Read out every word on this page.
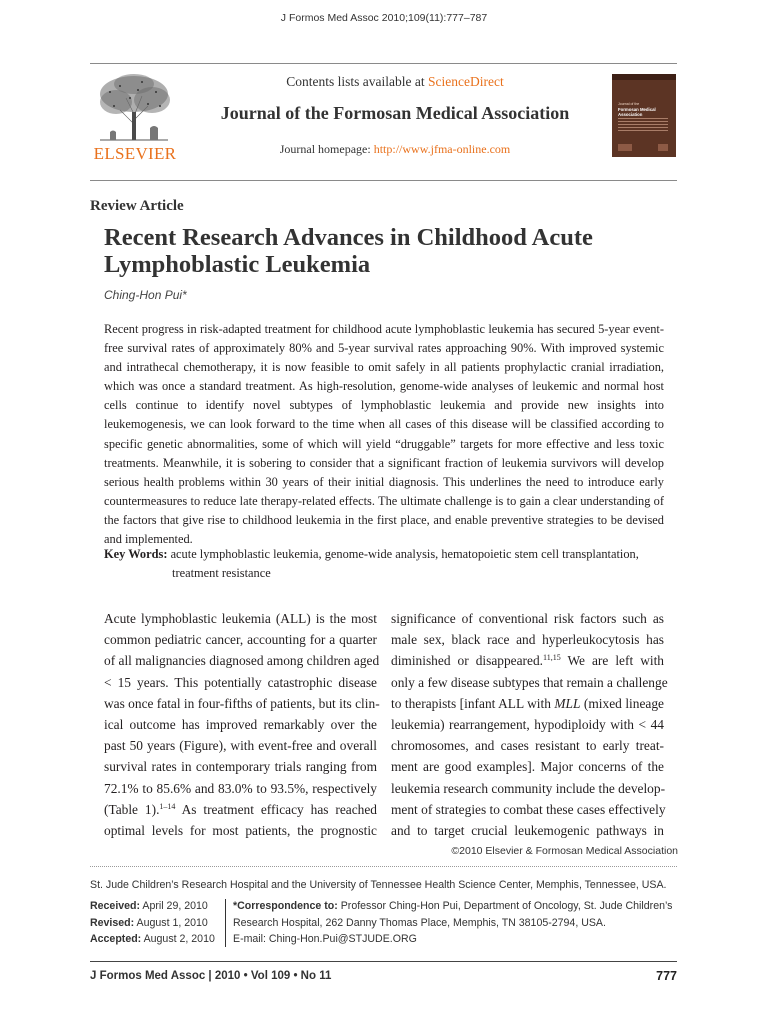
J Formos Med Assoc 2010;109(11):777–787
ELSEVIER
Contents lists available at ScienceDirect
Journal of the Formosan Medical Association
Journal homepage: http://www.jfma-online.com
Journal of the
Formosan Medical Association
Review Article
Recent Research Advances in Childhood Acute
Lymphoblastic Leukemia
Ching-Hon Pui*
Recent progress in risk-adapted treatment for childhood acute lymphoblastic leukemia has secured 5-year event-free survival rates of approximately 80% and 5-year survival rates approaching 90%. With improved systemic and intrathecal chemotherapy, it is now feasible to omit safely in all patients prophylactic cranial irradiation, which was once a standard treatment. As high-resolution, genome-wide analyses of leukemic and normal host cells continue to identify novel subtypes of lymphoblastic leukemia and provide new insights into leukemogenesis, we can look forward to the time when all cases of this disease will be classified according to specific genetic abnormalities, some of which will yield “druggable” targets for more effective and less toxic treatments. Meanwhile, it is sobering to consider that a significant fraction of leukemia survivors will develop serious health problems within 30 years of their initial diagnosis. This underlines the need to introduce early countermeasures to reduce late therapy-related effects. The ultimate challenge is to gain a clear understanding of the factors that give rise to childhood leukemia in the first place, and enable preventive strategies to be devised and implemented.
Key Words: acute lymphoblastic leukemia, genome-wide analysis, hematopoietic stem cell transplantation,
treatment resistance
Acute lymphoblastic leukemia (ALL) is the most
common pediatric cancer, accounting for a quarter
of all malignancies diagnosed among children aged
< 15 years. This potentially catastrophic disease
was once fatal in four-fifths of patients, but its clin-
ical outcome has improved remarkably over the
past 50 years (Figure), with event-free and overall
survival rates in contemporary trials ranging from
72.1% to 85.6% and 83.0% to 93.5%, respectively
(Table 1).$^{1-14}$ As treatment efficacy has reached
optimal levels for most patients, the prognostic
significance of conventional risk factors such as
male sex, black race and hyperleukocytosis has
diminished or disappeared.$^{11,15}$ We are left with
only a few disease subtypes that remain a challenge
to therapists [infant ALL with MLL (mixed lineage
leukemia) rearrangement, hypodiploidy with < 44
chromosomes, and cases resistant to early treat-
ment are good examples]. Major concerns of the
leukemia research community include the develop-
ment of strategies to combat these cases effectively
and to target crucial leukemogenic pathways in
©2010 Elsevier & Formosan Medical Association
St. Jude Children’s Research Hospital and the University of Tennessee Health Science Center, Memphis, Tennessee, USA.
Received: April 29, 2010
Revised: August 1, 2010
Accepted: August 2, 2010
*Correspondence to: Professor Ching-Hon Pui, Department of Oncology, St. Jude Children’s
Research Hospital, 262 Danny Thomas Place, Memphis, TN 38105-2794, USA.
E-mail: Ching-Hon.Pui@STJUDE.ORG
J Formos Med Assoc | 2010 • Vol 109 • No 11	777
